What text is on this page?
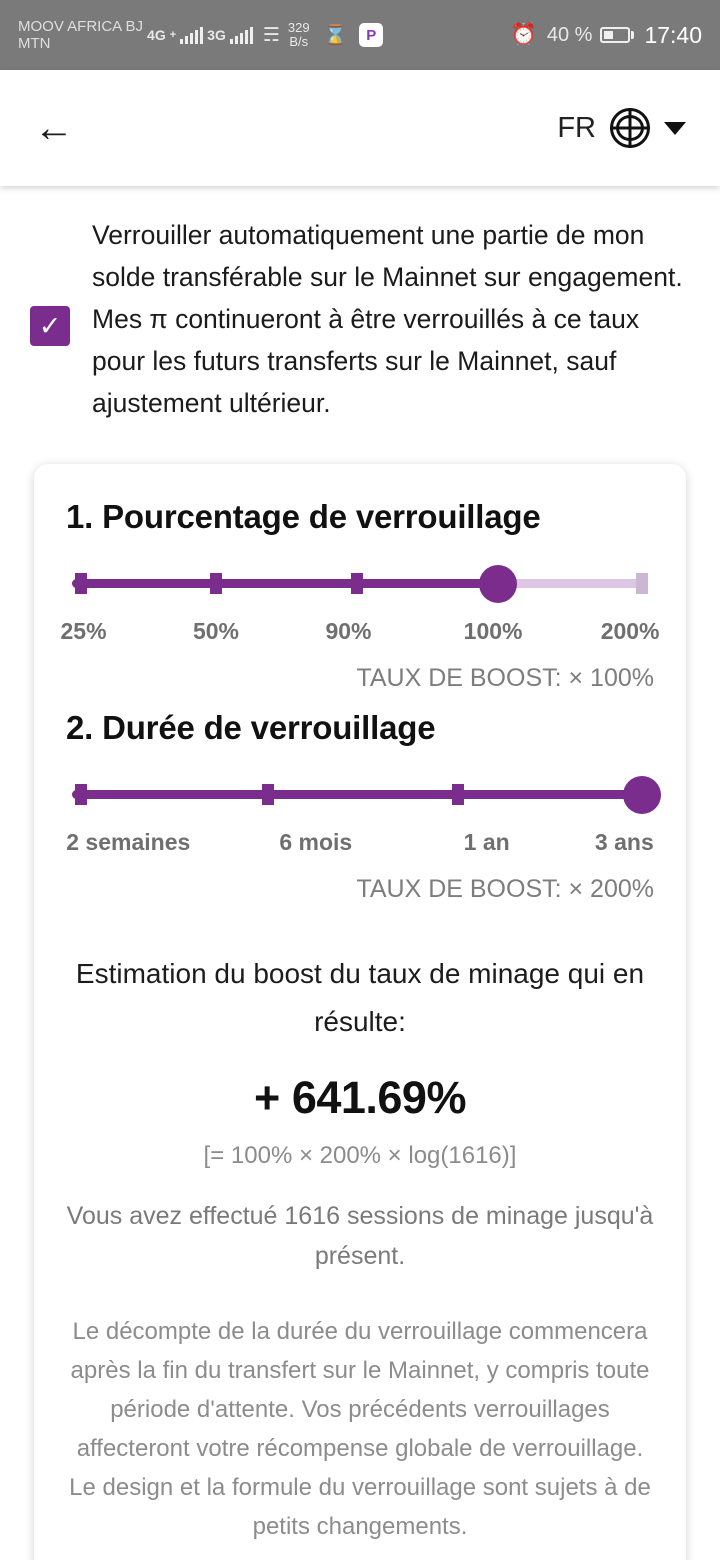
MOOV AFRICA BJ
MTN	4G + 3G ☴ 329
B/s ⌛	P	⏰ 40 % 17:40
←	FR
✓
Verrouiller automatiquement une partie de mon solde transférable sur le Mainnet sur engagement. Mes π continueront à être verrouillés à ce taux pour les futurs transferts sur le Mainnet, sauf ajustement ultérieur.
1. Pourcentage de verrouillage
25%	50%	90%	100%	200%
TAUX DE BOOST: × 100%
2. Durée de verrouillage
2 semaines	6 mois	1 an	3 ans
TAUX DE BOOST: × 200%
Estimation du boost du taux de minage qui en résulte:
+ 641.69%
[= 100% × 200% × log(1616)]
Vous avez effectué 1616 sessions de minage jusqu'à présent.
Le décompte de la durée du verrouillage commencera après la fin du transfert sur le Mainnet, y compris toute période d'attente. Vos précédents verrouillages affecteront votre récompense globale de verrouillage. Le design et la formule du verrouillage sont sujets à de petits changements.
